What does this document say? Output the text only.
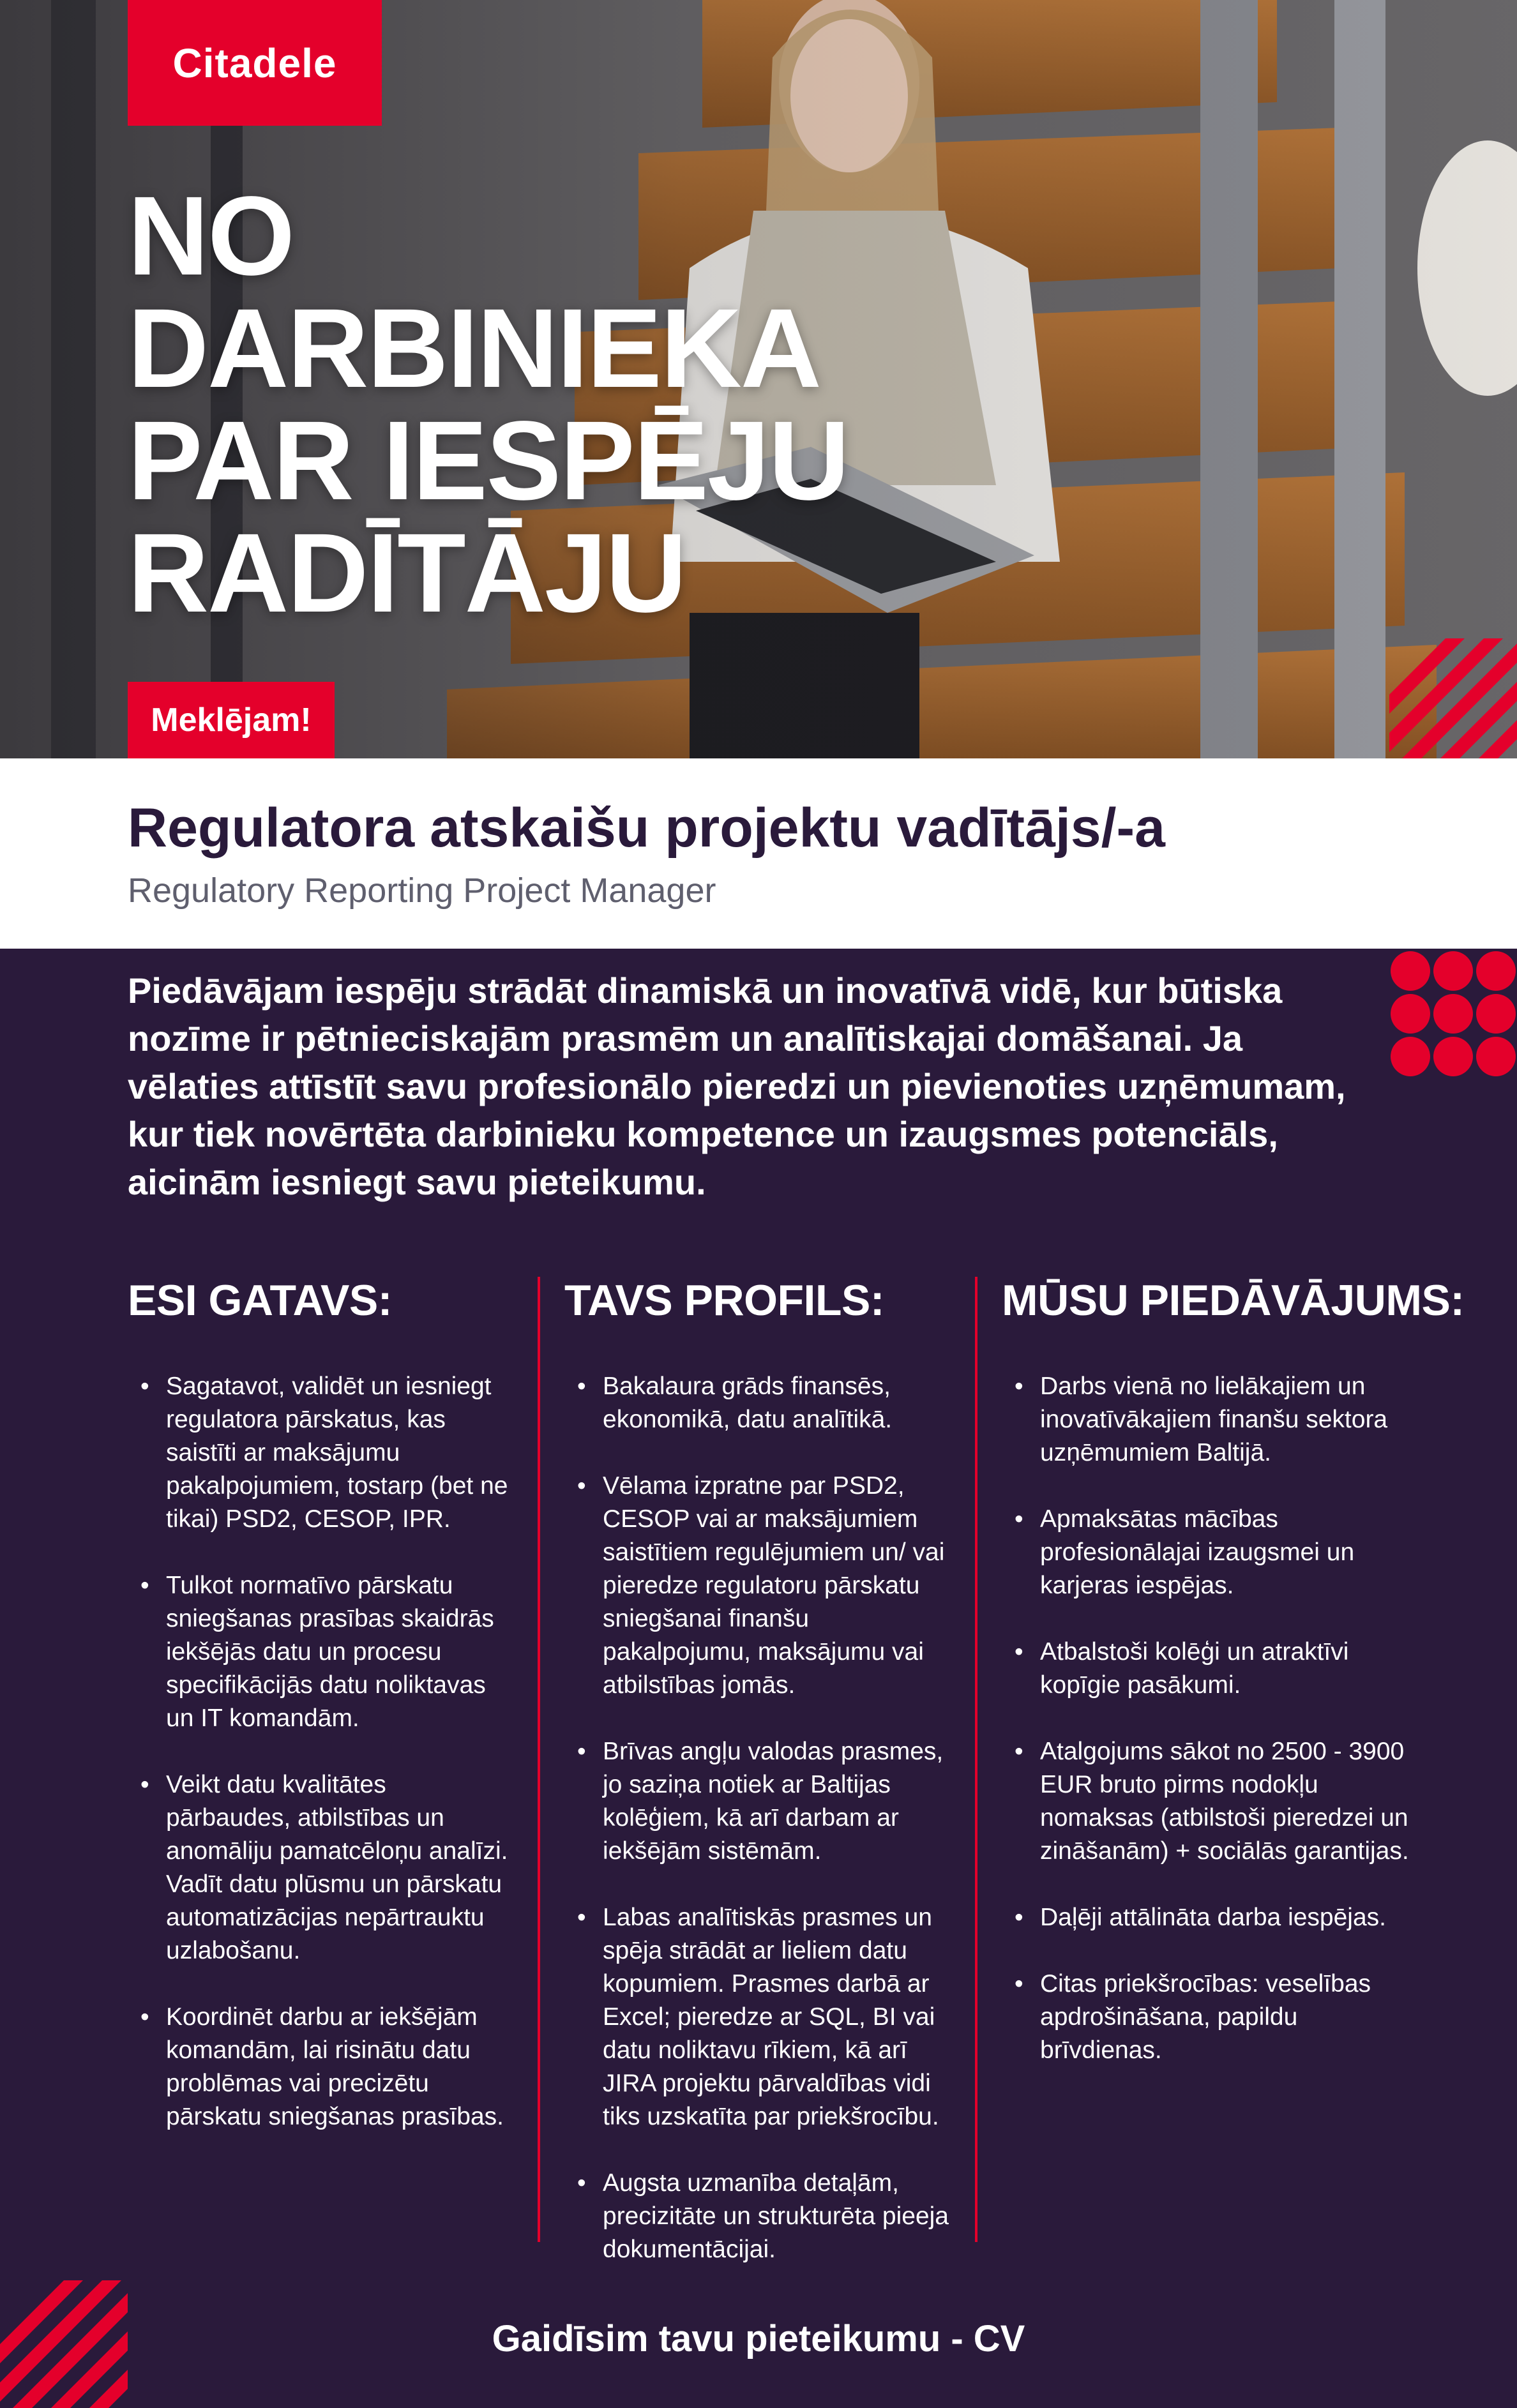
Citadele
NO
DARBINIEKA
PAR IESPĒJU
RADĪTĀJU
Meklējam!
Regulatora atskaišu projektu vadītājs/-a
Regulatory Reporting Project Manager
Piedāvājam iespēju strādāt dinamiskā un inovatīvā vidē, kur būtiska nozīme ir pētnieciskajām prasmēm un analītiskajai domāšanai. Ja vēlaties attīstīt savu profesionālo pieredzi un pievienoties uzņēmumam, kur tiek novērtēta darbinieku kompetence un izaugsmes potenciāls, aicinām iesniegt savu pieteikumu.
ESI GATAVS:
• Sagatavot, validēt un iesniegt regulatora pārskatus, kas saistīti ar maksājumu pakalpojumiem, tostarp (bet ne tikai) PSD2, CESOP, IPR.
• Tulkot normatīvo pārskatu sniegšanas prasības skaidrās iekšējās datu un procesu specifikācijās datu noliktavas un IT komandām.
• Veikt datu kvalitātes pārbaudes, atbilstības un anomāliju pamatcēloņu analīzi. Vadīt datu plūsmu un pārskatu automatizācijas nepārtrauktu uzlabošanu.
• Koordinēt darbu ar iekšējām komandām, lai risinātu datu problēmas vai precizētu pārskatu sniegšanas prasības.
TAVS PROFILS:
• Bakalaura grāds finansēs, ekonomikā, datu analītikā.
• Vēlama izpratne par PSD2, CESOP vai ar maksājumiem saistītiem regulējumiem un/ vai pieredze regulatoru pārskatu sniegšanai finanšu pakalpojumu, maksājumu vai atbilstības jomās.
• Brīvas angļu valodas prasmes, jo saziņa notiek ar Baltijas kolēģiem, kā arī darbam ar iekšējām sistēmām.
• Labas analītiskās prasmes un spēja strādāt ar lieliem datu kopumiem. Prasmes darbā ar Excel; pieredze ar SQL, BI vai datu noliktavu rīkiem, kā arī JIRA projektu pārvaldības vidi tiks uzskatīta par priekšrocību.
• Augsta uzmanība detaļām, precizitāte un strukturēta pieeja dokumentācijai.
MŪSU PIEDĀVĀJUMS:
• Darbs vienā no lielākajiem un inovatīvākajiem finanšu sektora uzņēmumiem Baltijā.
• Apmaksātas mācības profesionālajai izaugsmei un karjeras iespējas.
• Atbalstoši kolēģi un atraktīvi kopīgie pasākumi.
• Atalgojums sākot no 2500 - 3900 EUR bruto pirms nodokļu nomaksas (atbilstoši pieredzei un zināšanām) + sociālās garantijas.
• Daļēji attālināta darba iespējas.
• Citas priekšrocības: veselības apdrošināšana, papildu brīvdienas.
Gaidīsim tavu pieteikumu - CV
